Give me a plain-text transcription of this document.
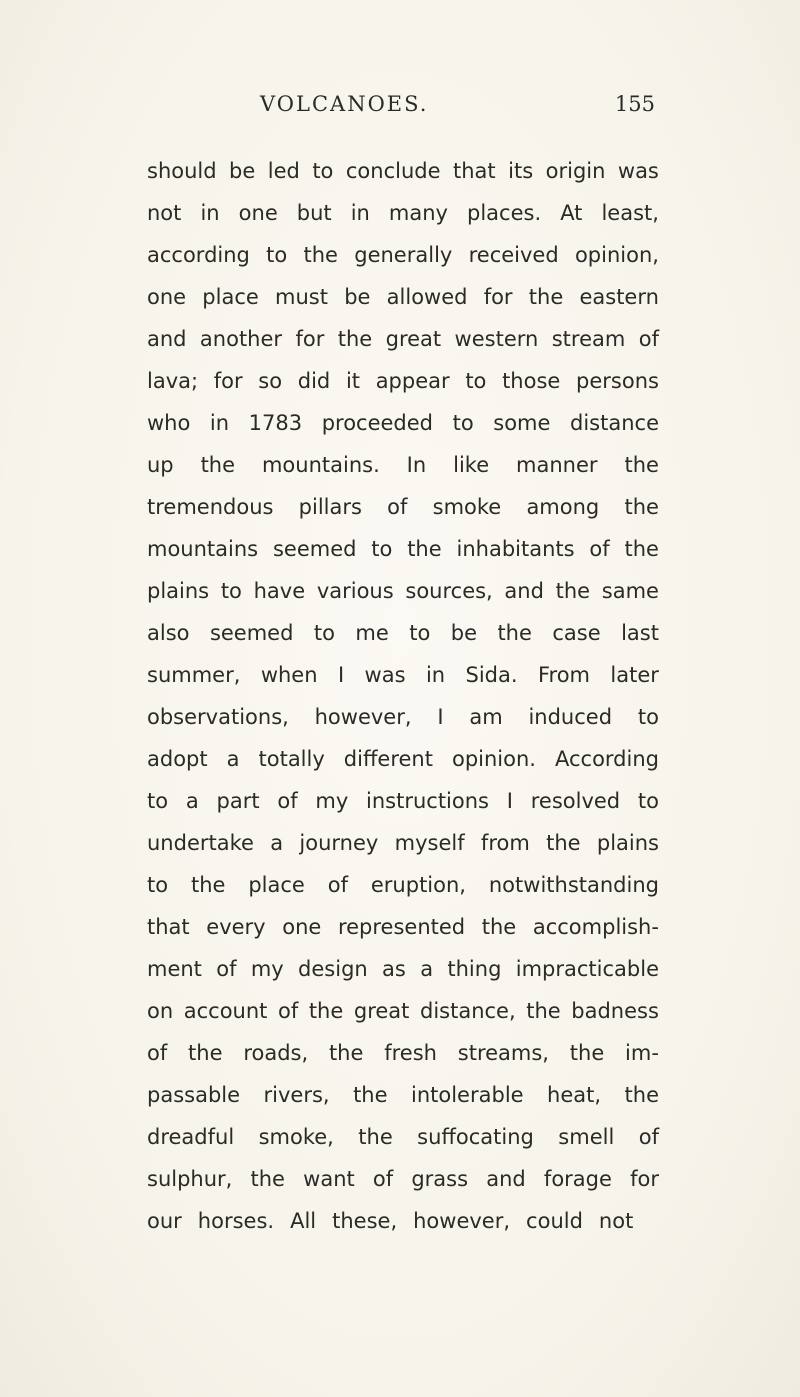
VOLCANOES.	155
should be led to conclude that its origin was
not in one but in many places. At least,
according to the generally received opinion,
one place must be allowed for the eastern
and another for the great western stream of
lava; for so did it appear to those persons
who in 1783 proceeded to some distance
up the mountains. In like manner the
tremendous pillars of smoke among the
mountains seemed to the inhabitants of the
plains to have various sources, and the same
also seemed to me to be the case last
summer, when I was in Sida. From later
observations, however, I am induced to
adopt a totally different opinion. According
to a part of my instructions I resolved to
undertake a journey myself from the plains
to the place of eruption, notwithstanding
that every one represented the accomplish-
ment of my design as a thing impracticable
on account of the great distance, the badness
of the roads, the fresh streams, the im-
passable rivers, the intolerable heat, the
dreadful smoke, the suffocating smell of
sulphur, the want of grass and forage for
our horses. All these, however, could not
